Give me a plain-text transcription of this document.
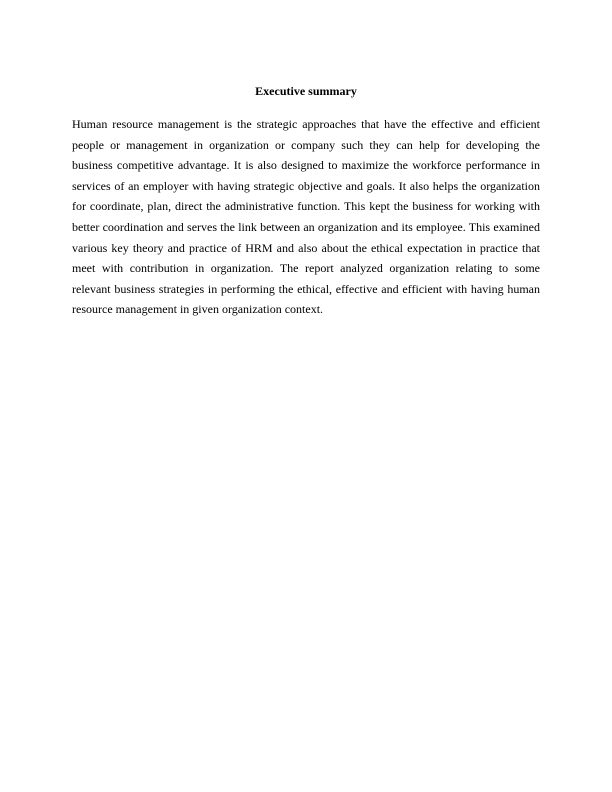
Executive summary
Human resource management is the strategic approaches that have the effective and efficient
people or management in organization or company such they can help for developing the
business competitive advantage. It is also designed to maximize the workforce performance in
services of an employer with having strategic objective and goals. It also helps the organization
for coordinate, plan, direct the administrative function. This kept the business for working with
better coordination and serves the link between an organization and its employee. This examined
various key theory and practice of HRM and also about the ethical expectation in practice that
meet with contribution in organization. The report analyzed organization relating to some
relevant business strategies in performing the ethical, effective and efficient with having human
resource management in given organization context.
